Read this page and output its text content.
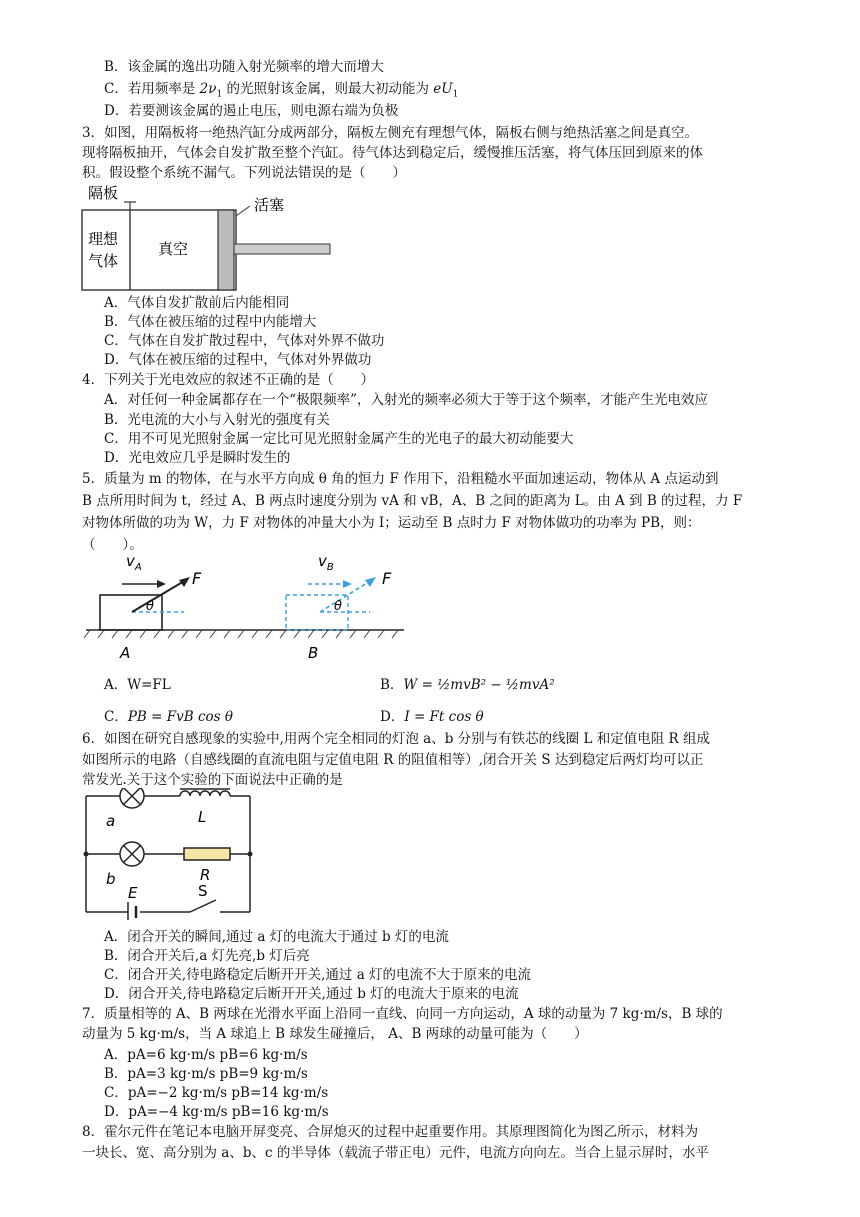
B．该金属的逸出功随入射光频率的增大而增大
C．若用频率是 $2\nu_1$ 的光照射该金属，则最大初动能为 $eU_1$
D．若要测该金属的遏止电压，则电源右端为负极
3．如图，用隔板将一绝热汽缸分成两部分，隔板左侧充有理想气体，隔板右侧与绝热活塞之间是真空。
现将隔板抽开，气体会自发扩散至整个汽缸。待气体达到稳定后，缓慢推压活塞，将气体压回到原来的体
积。假设整个系统不漏气。下列说法错误的是（　　）
隔板
活塞
理想
气体
真空
A．气体自发扩散前后内能相同
B．气体在被压缩的过程中内能增大
C．气体在自发扩散过程中，气体对外界不做功
D．气体在被压缩的过程中，气体对外界做功
4．下列关于光电效应的叙述不正确的是（　　）
A．对任何一种金属都存在一个“极限频率”，入射光的频率必须大于等于这个频率，才能产生光电效应
B．光电流的大小与入射光的强度有关
C．用不可见光照射金属一定比可见光照射金属产生的光电子的最大初动能要大
D．光电效应几乎是瞬时发生的
5．质量为 m 的物体，在与水平方向成 θ 角的恒力 F 作用下，沿粗糙水平面加速运动，物体从 A 点运动到
B 点所用时间为 t，经过 A、B 两点时速度分别为 vA 和 vB，A、B 之间的距离为 L。由 A 到 B 的过程，力 F
对物体所做的功为 W，力 F 对物体的冲量大小为 I；运动至 B 点时力 F 对物体做功的功率为 PB，则：
（　　）。
$v_A$
F
θ
A
$v_B$
F
θ
B
A．W=FL	B．W = ½mvB² − ½mvA²
C．PB = FvB cos θ	D．I = Ft cos θ
6．如图在研究自感现象的实验中,用两个完全相同的灯泡 a、b 分别与有铁芯的线圈 L 和定值电阻 R 组成
如图所示的电路（自感线圈的直流电阻与定值电阻 R 的阻值相等）,闭合开关 S 达到稳定后两灯均可以正
常发光.关于这个实验的下面说法中正确的是
a	L
b	R
E	S
A．闭合开关的瞬间,通过 a 灯的电流大于通过 b 灯的电流
B．闭合开关后,a 灯先亮,b 灯后亮
C．闭合开关,待电路稳定后断开开关,通过 a 灯的电流不大于原来的电流
D．闭合开关,待电路稳定后断开开关,通过 b 灯的电流大于原来的电流
7．质量相等的 A、B 两球在光滑水平面上沿同一直线、向同一方向运动，A 球的动量为 7 kg·m/s，B 球的
动量为 5 kg·m/s，当 A 球追上 B 球发生碰撞后， A、B 两球的动量可能为（　　）
A．pA=6 kg·m/s pB=6 kg·m/s
B．pA=3 kg·m/s pB=9 kg·m/s
C．pA=−2 kg·m/s pB=14 kg·m/s
D．pA=−4 kg·m/s pB=16 kg·m/s
8．霍尔元件在笔记本电脑开屏变亮、合屏熄灭的过程中起重要作用。其原理图简化为图乙所示，材料为
一块长、宽、高分别为 a、b、c 的半导体（载流子带正电）元件，电流方向向左。当合上显示屏时，水平
